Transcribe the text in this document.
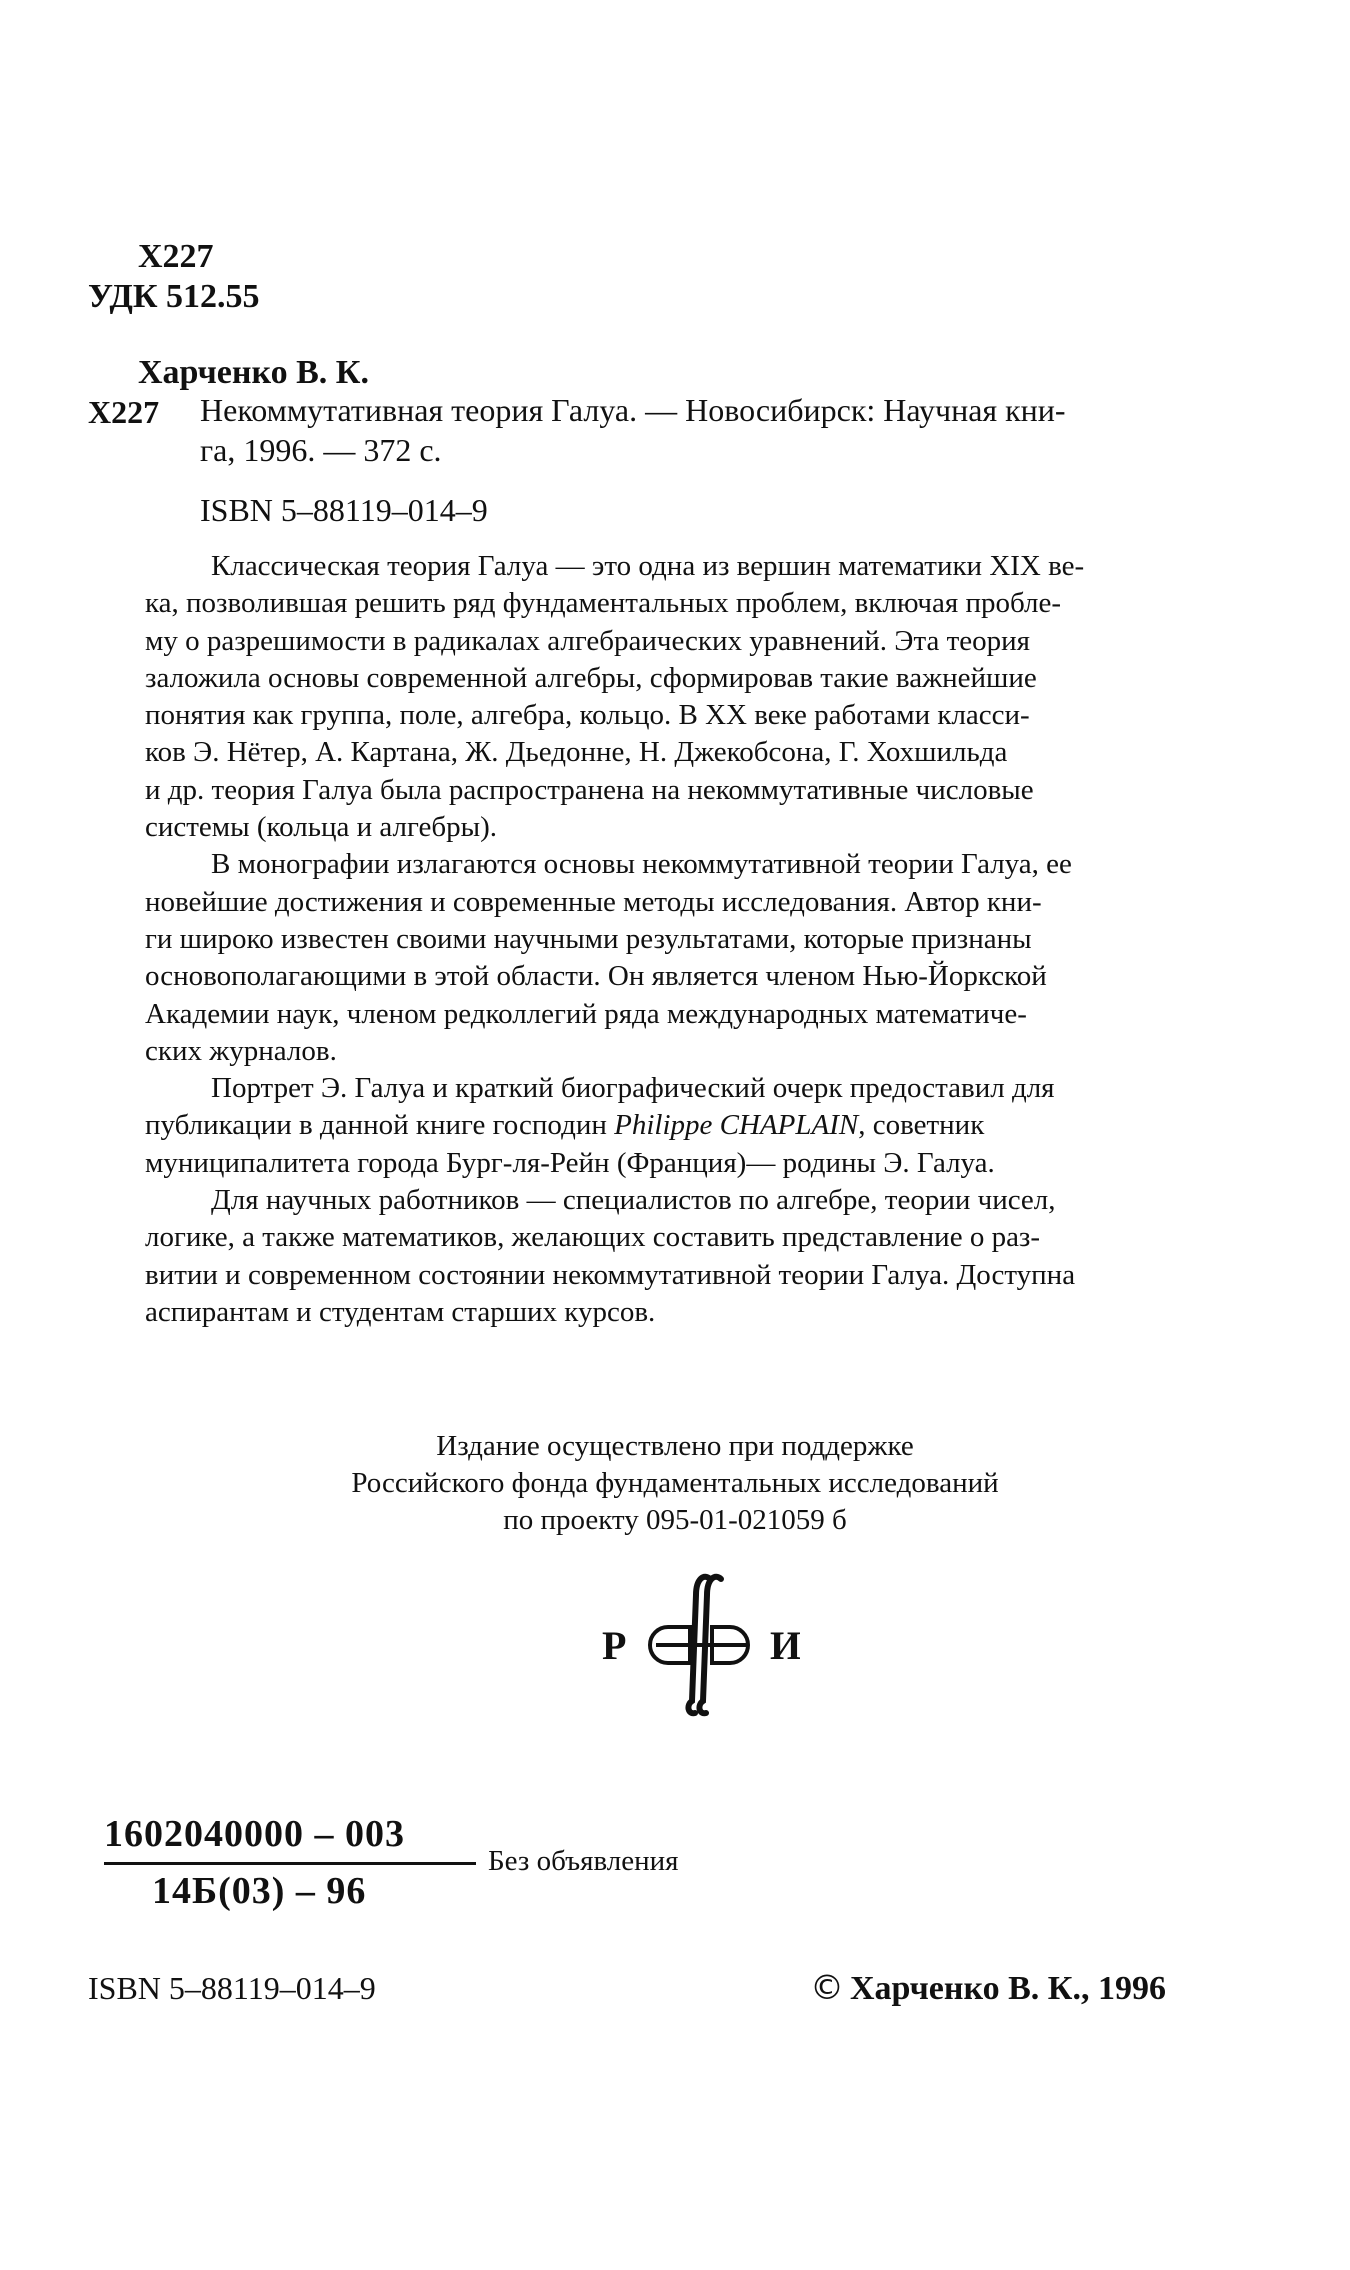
Х227
УДК 512.55
Харченко В. К.
Х227 Некоммутативная теория Галуа. — Новосибирск: Научная кни-
га, 1996. — 372 с.
ISBN 5–88119–014–9
Классическая теория Галуа — это одна из вершин математики XIX ве-
ка, позволившая решить ряд фундаментальных проблем, включая пробле-
му о разрешимости в радикалах алгебраических уравнений. Эта теория
заложила основы современной алгебры, сформировав такие важнейшие
понятия как группа, поле, алгебра, кольцо. В XX веке работами класси-
ков Э. Нётер, А. Картана, Ж. Дьедонне, Н. Джекобсона, Г. Хохшильда
и др. теория Галуа была распространена на некоммутативные числовые
системы (кольца и алгебры).
В монографии излагаются основы некоммутативной теории Галуа, ее
новейшие достижения и современные методы исследования. Автор кни-
ги широко известен своими научными результатами, которые признаны
основополагающими в этой области. Он является членом Нью-Йоркской
Академии наук, членом редколлегий ряда международных математиче-
ских журналов.
Портрет Э. Галуа и краткий биографический очерк предоставил для
публикации в данной книге господин Philippe CHAPLAIN, советник
муниципалитета города Бург-ля-Рейн (Франция)— родины Э. Галуа.
Для научных работников — специалистов по алгебре, теории чисел,
логике, а также математиков, желающих составить представление о раз-
витии и современном состоянии некоммутативной теории Галуа. Доступна
аспирантам и студентам старших курсов.
Издание осуществлено при поддержке
Российского фонда фундаментальных исследований
по проекту 095-01-021059 б
Р	И
1602040000 – 003
14Б(03) – 96
Без объявления
ISBN 5–88119–014–9	© Харченко В. К., 1996
